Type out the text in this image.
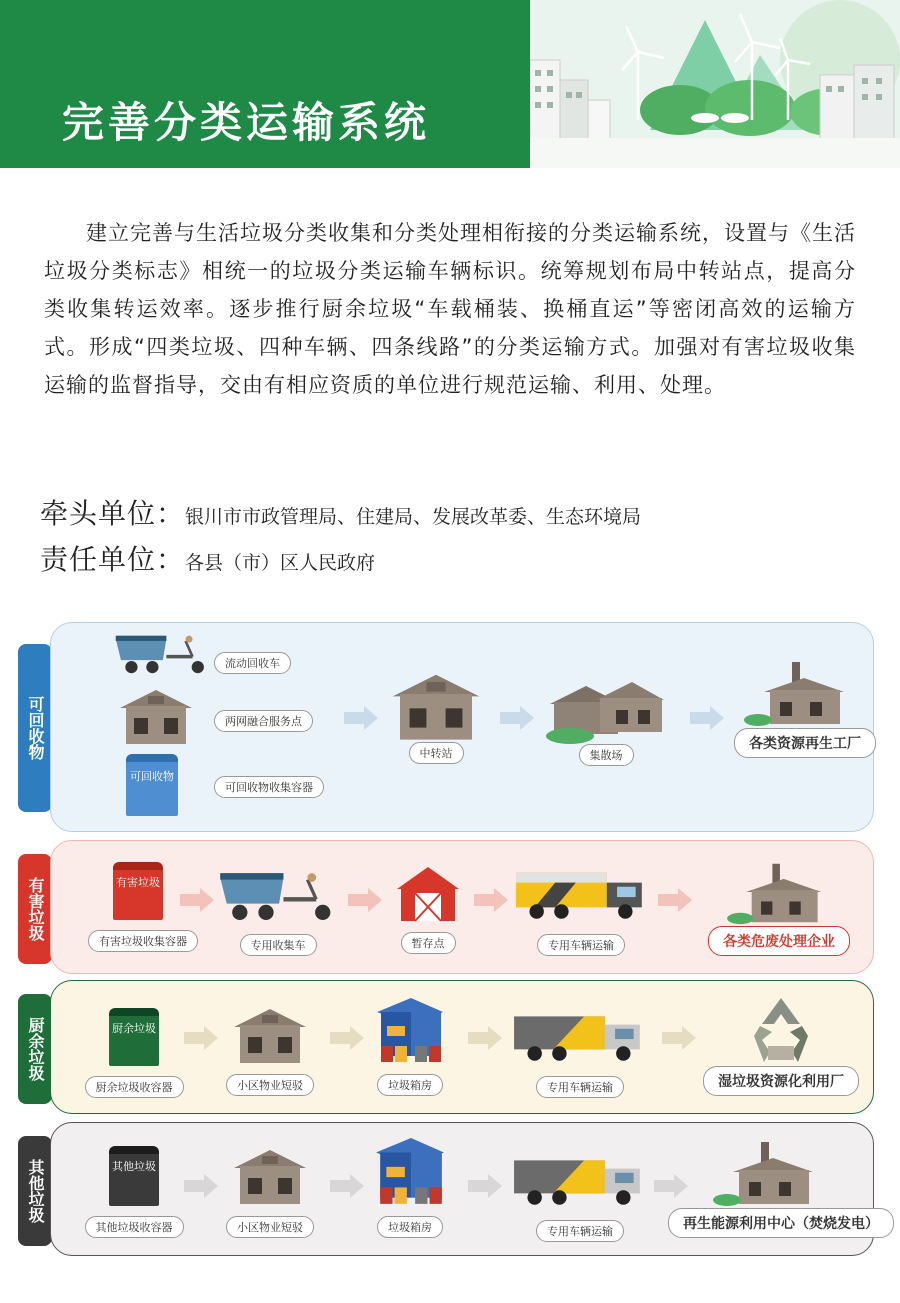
完善分类运输系统

建立完善与生活垃圾分类收集和分类处理相衔接的分类运输系统，设置与《生活垃圾分类标志》相统一的垃圾分类运输车辆标识。统筹规划布局中转站点，提高分类收集转运效率。逐步推行厨余垃圾“车载桶装、换桶直运”等密闭高效的运输方式。形成“四类垃圾、四种车辆、四条线路”的分类运输方式。加强对有害垃圾收集运输的监督指导，交由有相应资质的单位进行规范运输、利用、处理。

牵头单位：银川市市政管理局、住建局、发展改革委、生态环境局
责任单位：各县（市）区人民政府
可回收物
流动回收车
两网融合服务点
可回收物
可回收物收集容器
中转站	集散场
各类资源再生工厂
有害垃圾	有害垃圾
有害垃圾收集容器	专用收集车	暂存点	专用车辆运输	各类危废处理企业
厨余垃圾	厨余垃圾
厨余垃圾收容器	小区物业短驳	垃圾箱房	专用车辆运输	湿垃圾资源化利用厂
其他垃圾	其他垃圾
其他垃圾收容器	小区物业短驳	垃圾箱房	专用车辆运输	再生能源利用中心（焚烧发电）
